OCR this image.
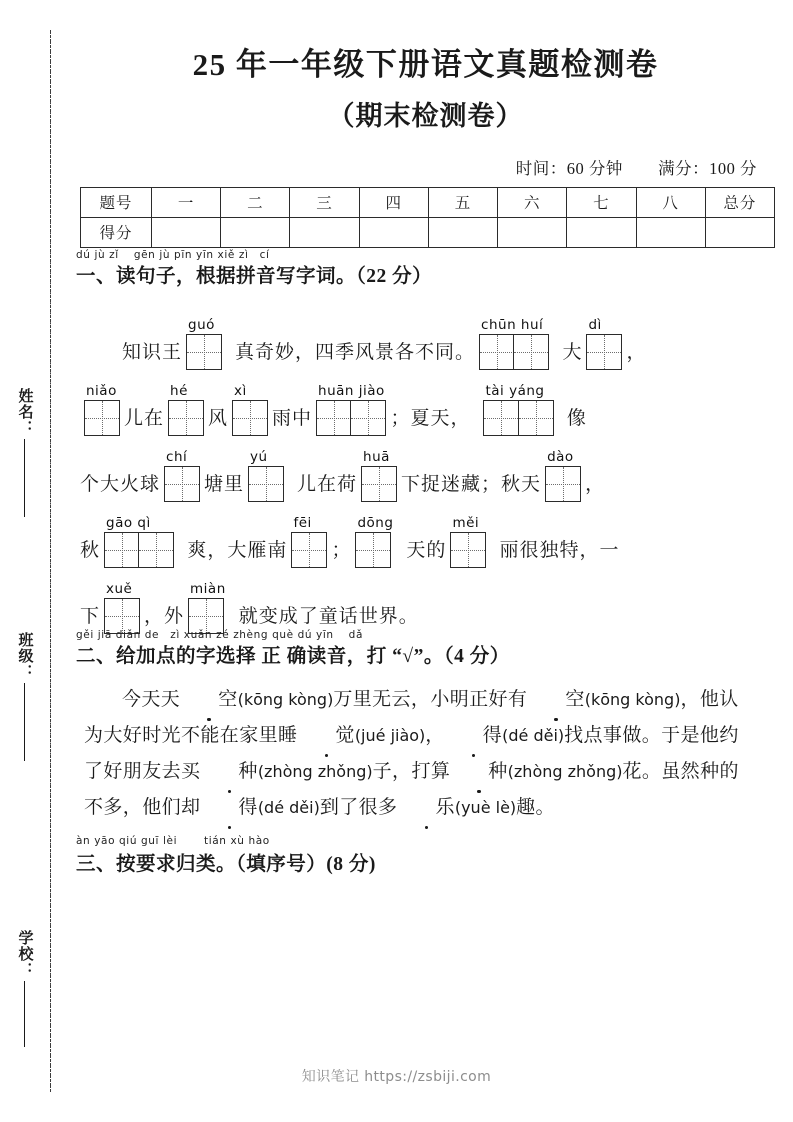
姓名：
班级：
学校：
25 年一年级下册语文真题检测卷
（期末检测卷）
时间：60 分钟 满分：100 分
题号	一	二	三	四	五	六	七	八	总分
得分									
dú jù zǐ　 gēn jù pīn yīn xiě zì　cí
一、读句子，根据拼音写字词。（22 分）
知识王
guó
真奇妙，四季风景各不同。
chūn huí
大
dì
，
niǎo
儿在
hé
风
xì
雨中
huān jiào
；夏天，
tài yáng
像
个大火球
chí
塘里
yú
儿在荷
huā
下捉迷藏；秋天
dào
，
秋
gāo qì
爽，大雁南
fēi
；
dōng
天的
měi
丽很独特，一
下
xuě
，外
miàn
就变成了童话世界。
gěi jiā diǎn de　zì xuǎn zé zhèng què dú yīn　 dǎ
二、给加点的字选择 正 确读音，打 “√”。（4 分）

今天天 空(kōng kòng)万里无云，小明正好有 空(kōng kòng)，他认为大好时光不能在家里睡 觉(jué jiào)， 得(dé děi)找点事做。于是他约了好朋友去买 种(zhòng zhǒng)子，打算 种(zhòng zhǒng)花。虽然种的不多，他们却 得(dé děi)到了很多 乐(yuè lè)趣。

àn yāo qiú guī lèi	tián xù hào
三、按要求归类。（填序号）(8 分)
知识笔记 https://zsbiji.com
